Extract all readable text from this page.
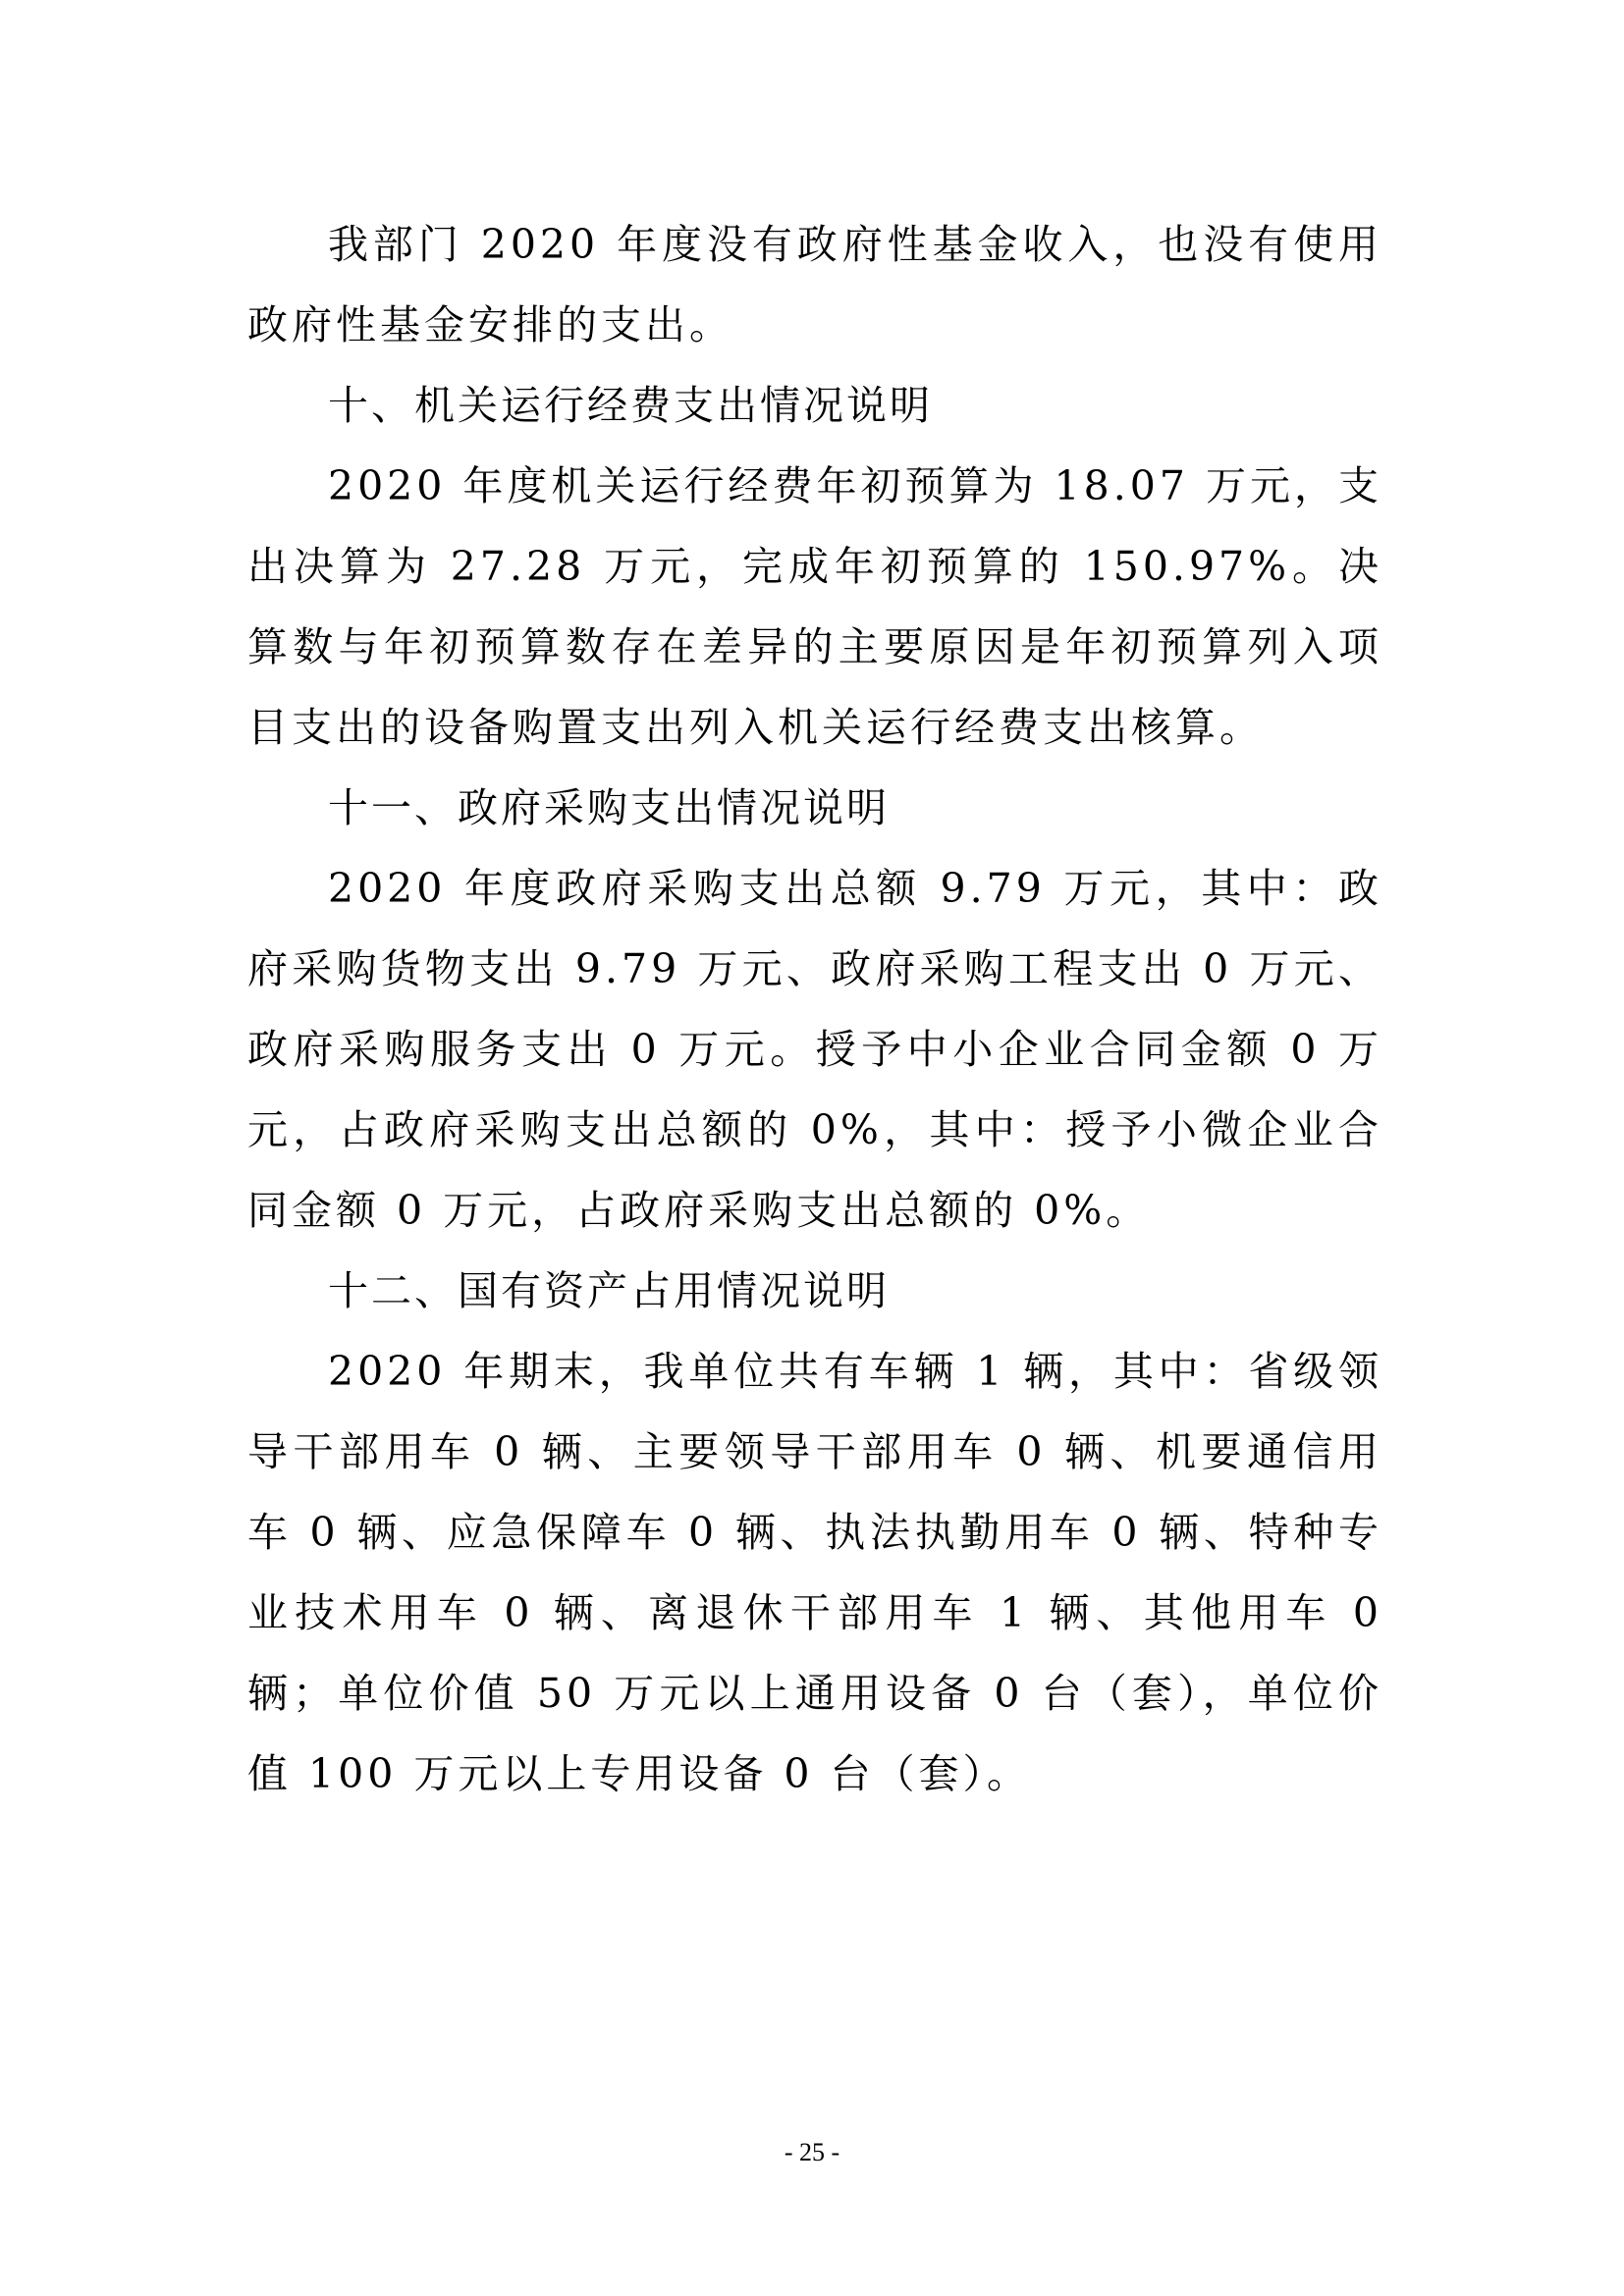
我部门 2020 年度没有政府性基金收入，也没有使用政府性基金安排的支出。

十、机关运行经费支出情况说明

2020 年度机关运行经费年初预算为 18.07 万元，支出决算为 27.28 万元，完成年初预算的 150.97%。决算数与年初预算数存在差异的主要原因是年初预算列入项目支出的设备购置支出列入机关运行经费支出核算。

十一、政府采购支出情况说明

2020 年度政府采购支出总额 9.79 万元，其中：政府采购货物支出 9.79 万元、政府采购工程支出 0 万元、政府采购服务支出 0 万元。授予中小企业合同金额 0 万元，占政府采购支出总额的 0%，其中：授予小微企业合同金额 0 万元，占政府采购支出总额的 0%。

十二、国有资产占用情况说明

2020 年期末，我单位共有车辆 1 辆，其中：省级领导干部用车 0 辆、主要领导干部用车 0 辆、机要通信用车 0 辆、应急保障车 0 辆、执法执勤用车 0 辆、特种专业技术用车 0 辆、离退休干部用车 1 辆、其他用车 0 辆；单位价值 50 万元以上通用设备 0 台（套），单位价值 100 万元以上专用设备 0 台（套）。

- 25 -
